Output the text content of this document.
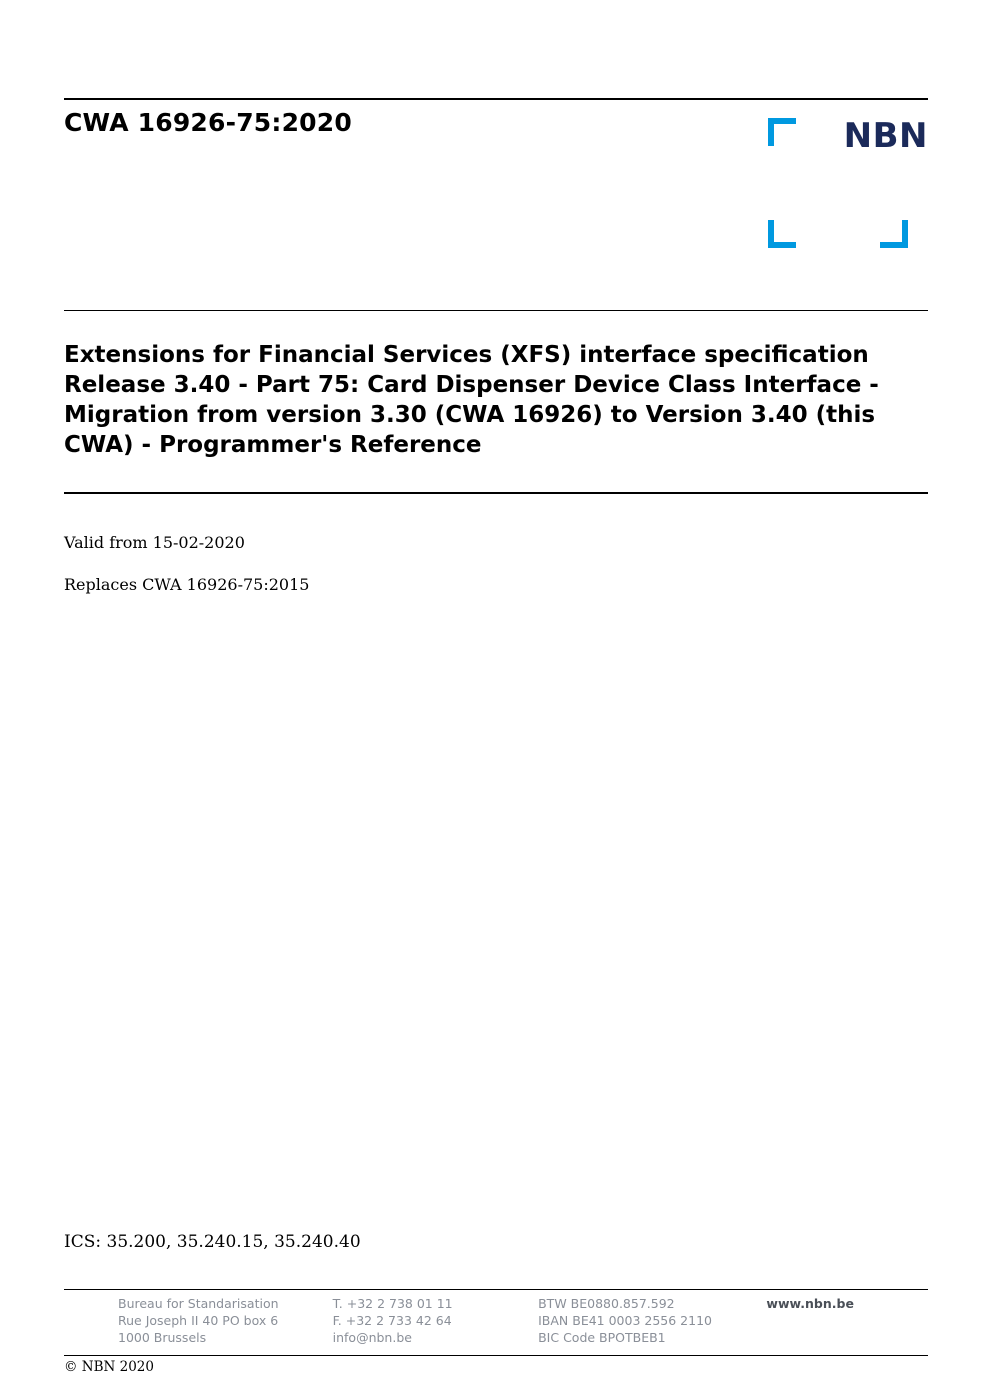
CWA 16926-75:2020	NBN
Extensions for Financial Services (XFS) interface specification Release 3.40 - Part 75: Card Dispenser Device Class Interface - Migration from version 3.30 (CWA 16926) to Version 3.40 (this CWA) - Programmer's Reference
Valid from 15-02-2020
Replaces CWA 16926-75:2015
ICS: 35.200, 35.240.15, 35.240.40
Bureau for Standarisation
Rue Joseph II 40 PO box 6
1000 Brussels
T. +32 2 738 01 11
F. +32 2 733 42 64
info@nbn.be
BTW BE0880.857.592
IBAN BE41 0003 2556 2110
BIC Code BPOTBEB1
www.nbn.be
© NBN 2020
